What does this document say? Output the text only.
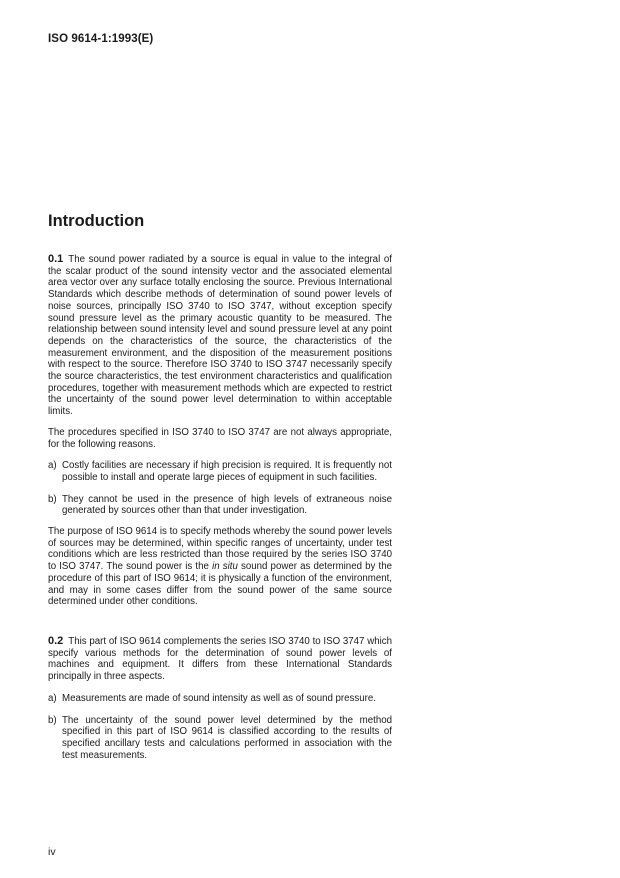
ISO 9614-1:1993(E)
Introduction

0.1 The sound power radiated by a source is equal in value to the integral of the scalar product of the sound intensity vector and the associated elemental area vector over any surface totally enclosing the source. Previous International Standards which describe methods of determination of sound power levels of noise sources, principally ISO 3740 to ISO 3747, without exception specify sound pressure level as the primary acoustic quantity to be measured. The relationship between sound intensity level and sound pressure level at any point depends on the characteristics of the source, the characteristics of the measurement environment, and the disposition of the measurement positions with respect to the source. Therefore ISO 3740 to ISO 3747 necessarily specify the source characteristics, the test environment characteristics and qualification procedures, together with measurement methods which are expected to restrict the uncertainty of the sound power level determination to within acceptable limits.

The procedures specified in ISO 3740 to ISO 3747 are not always appropriate, for the following reasons.

a) Costly facilities are necessary if high precision is required. It is frequently not possible to install and operate large pieces of equipment in such facilities.
b) They cannot be used in the presence of high levels of extraneous noise generated by sources other than that under investigation.

The purpose of ISO 9614 is to specify methods whereby the sound power levels of sources may be determined, within specific ranges of uncertainty, under test conditions which are less restricted than those required by the series ISO 3740 to ISO 3747. The sound power is the in situ sound power as determined by the procedure of this part of ISO 9614; it is physically a function of the environment, and may in some cases differ from the sound power of the same source determined under other conditions.

0.2 This part of ISO 9614 complements the series ISO 3740 to ISO 3747 which specify various methods for the determination of sound power levels of machines and equipment. It differs from these International Standards principally in three aspects.

a) Measurements are made of sound intensity as well as of sound pressure.
b) The uncertainty of the sound power level determined by the method specified in this part of ISO 9614 is classified according to the results of specified ancillary tests and calculations performed in association with the test measurements.
iv
